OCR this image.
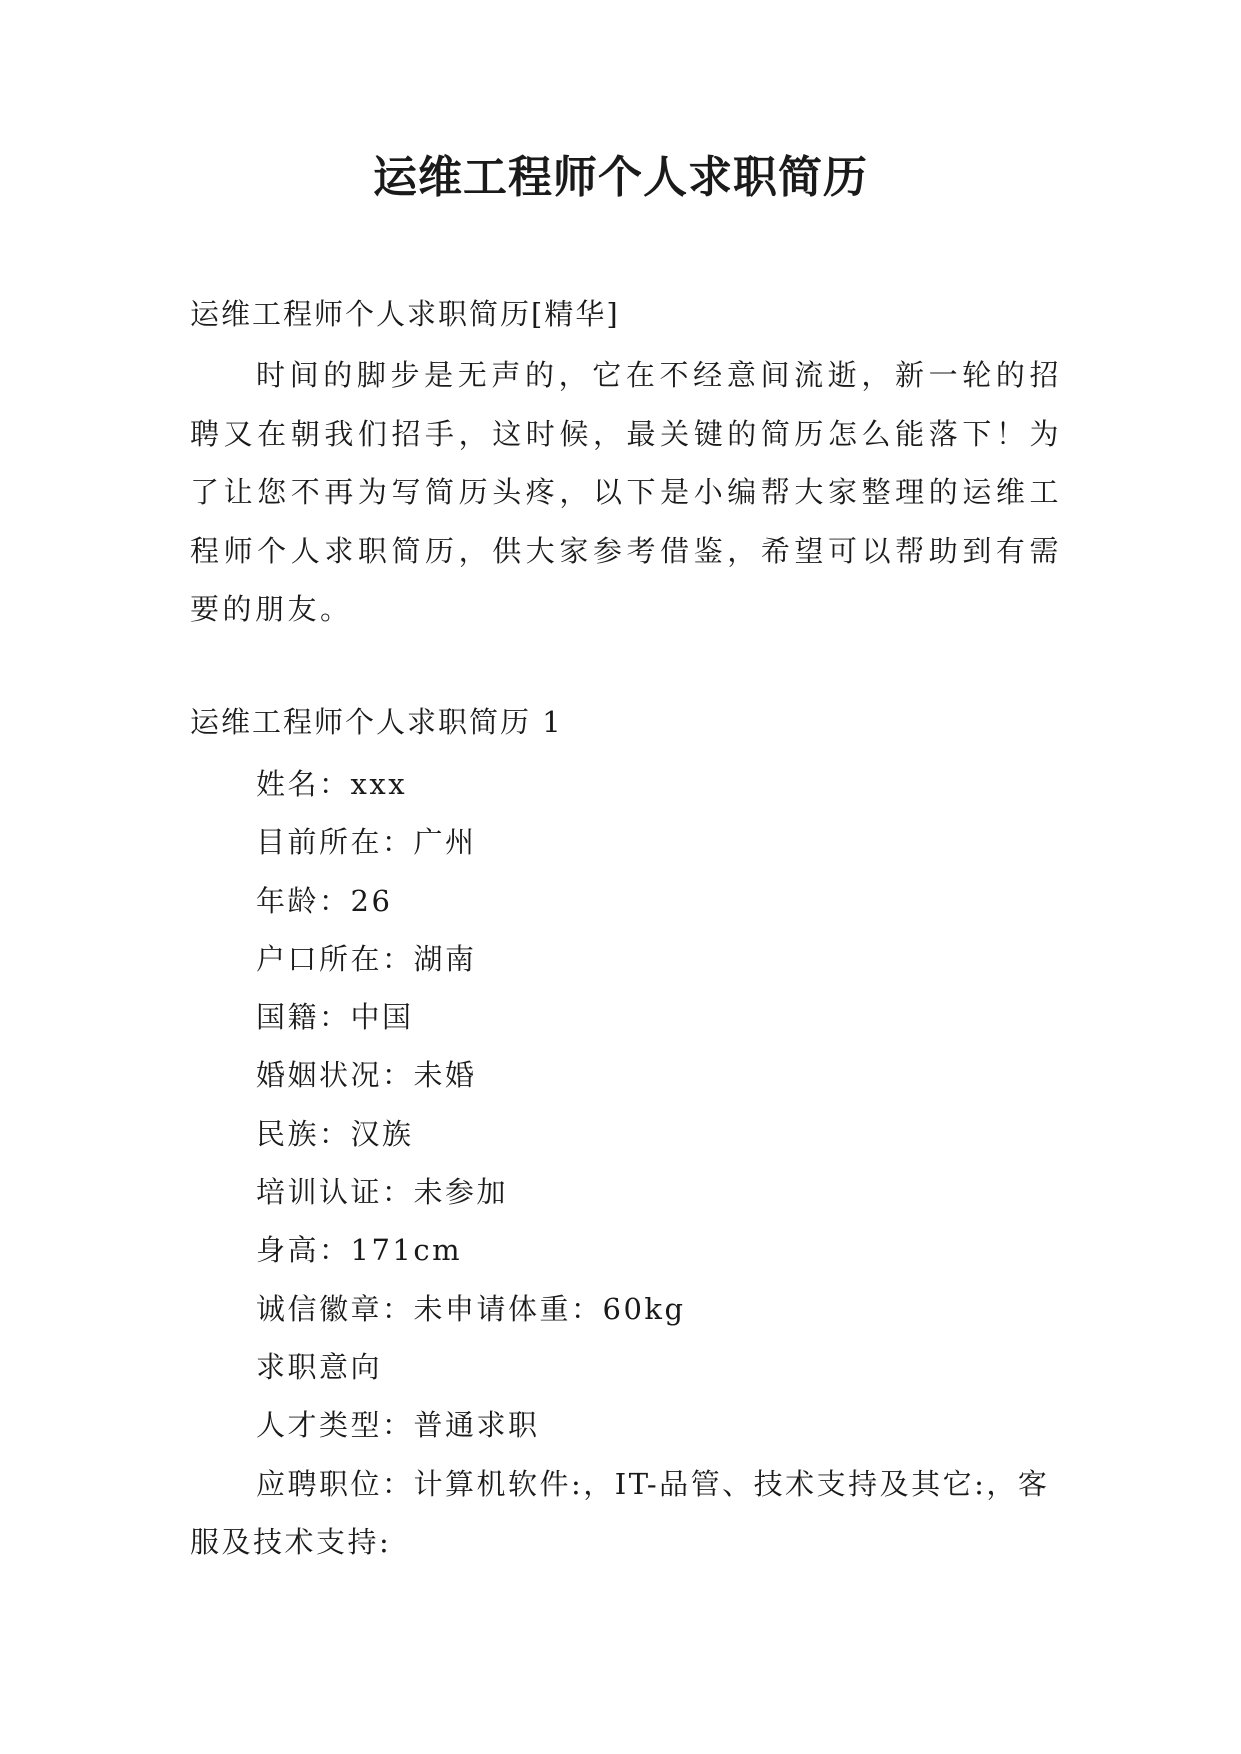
运维工程师个人求职简历

运维工程师个人求职简历[精华]

时间的脚步是无声的，它在不经意间流逝，新一轮的招聘又在朝我们招手，这时候，最关键的简历怎么能落下！为了让您不再为写简历头疼，以下是小编帮大家整理的运维工程师个人求职简历，供大家参考借鉴，希望可以帮助到有需要的朋友。

运维工程师个人求职简历 1

姓名：xxx
目前所在：广州
年龄：26
户口所在：湖南
国籍：中国
婚姻状况：未婚
民族：汉族
培训认证：未参加
身高：171cm
诚信徽章：未申请体重：60kg
求职意向
人才类型：普通求职
应聘职位：计算机软件:，IT-品管、技术支持及其它:，客服及技术支持:
